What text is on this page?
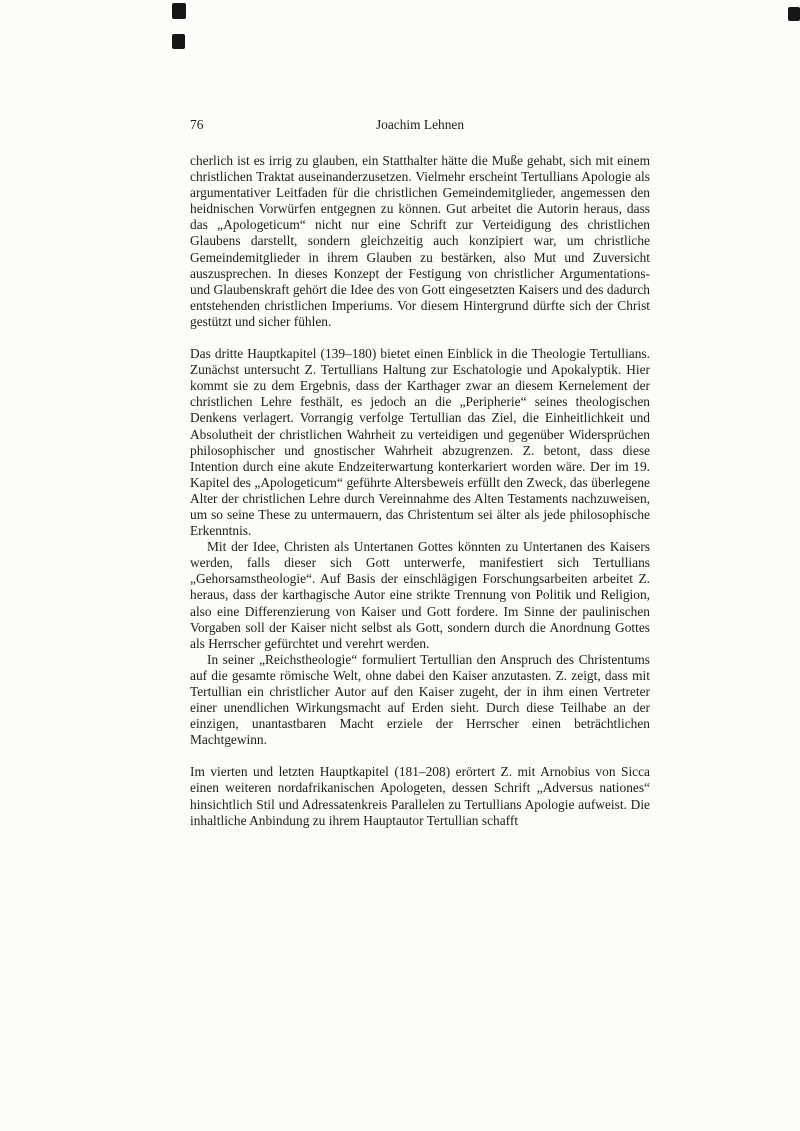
76	Joachim Lehnen

cherlich ist es irrig zu glauben, ein Statthalter hätte die Muße gehabt, sich mit einem christlichen Traktat auseinanderzusetzen. Vielmehr erscheint Tertullians Apologie als argumentativer Leitfaden für die christlichen Gemeindemitglieder, angemessen den heidnischen Vorwürfen entgegnen zu können. Gut arbeitet die Autorin heraus, dass das „Apologeticum“ nicht nur eine Schrift zur Verteidigung des christlichen Glaubens darstellt, sondern gleichzeitig auch konzipiert war, um christliche Gemeindemitglieder in ihrem Glauben zu bestärken, also Mut und Zuversicht auszusprechen. In dieses Konzept der Festigung von christlicher Argumentations- und Glaubenskraft gehört die Idee des von Gott eingesetzten Kaisers und des dadurch entstehenden christlichen Imperiums. Vor diesem Hintergrund dürfte sich der Christ gestützt und sicher fühlen.

Das dritte Hauptkapitel (139–180) bietet einen Einblick in die Theologie Tertullians. Zunächst untersucht Z. Tertullians Haltung zur Eschatologie und Apokalyptik. Hier kommt sie zu dem Ergebnis, dass der Karthager zwar an diesem Kernelement der christlichen Lehre festhält, es jedoch an die „Peripherie“ seines theologischen Denkens verlagert. Vorrangig verfolge Tertullian das Ziel, die Einheitlichkeit und Absolutheit der christlichen Wahrheit zu verteidigen und gegenüber Widersprüchen philosophischer und gnostischer Wahrheit abzugrenzen. Z. betont, dass diese Intention durch eine akute Endzeiterwartung konterkariert worden wäre. Der im 19. Kapitel des „Apologeticum“ geführte Altersbeweis erfüllt den Zweck, das überlegene Alter der christlichen Lehre durch Vereinnahme des Alten Testaments nachzuweisen, um so seine These zu untermauern, das Christentum sei älter als jede philosophische Erkenntnis.

Mit der Idee, Christen als Untertanen Gottes könnten zu Untertanen des Kaisers werden, falls dieser sich Gott unterwerfe, manifestiert sich Tertullians „Gehorsamstheologie“. Auf Basis der einschlägigen Forschungsarbeiten arbeitet Z. heraus, dass der karthagische Autor eine strikte Trennung von Politik und Religion, also eine Differenzierung von Kaiser und Gott fordere. Im Sinne der paulinischen Vorgaben soll der Kaiser nicht selbst als Gott, sondern durch die Anordnung Gottes als Herrscher gefürchtet und verehrt werden.

In seiner „Reichstheologie“ formuliert Tertullian den Anspruch des Christentums auf die gesamte römische Welt, ohne dabei den Kaiser anzutasten. Z. zeigt, dass mit Tertullian ein christlicher Autor auf den Kaiser zugeht, der in ihm einen Vertreter einer unendlichen Wirkungsmacht auf Erden sieht. Durch diese Teilhabe an der einzigen, unantastbaren Macht erziele der Herrscher einen beträchtlichen Machtgewinn.

Im vierten und letzten Hauptkapitel (181–208) erörtert Z. mit Arnobius von Sicca einen weiteren nordafrikanischen Apologeten, dessen Schrift „Adversus nationes“ hinsichtlich Stil und Adressatenkreis Parallelen zu Tertullians Apologie aufweist. Die inhaltliche Anbindung zu ihrem Hauptautor Tertullian schafft
